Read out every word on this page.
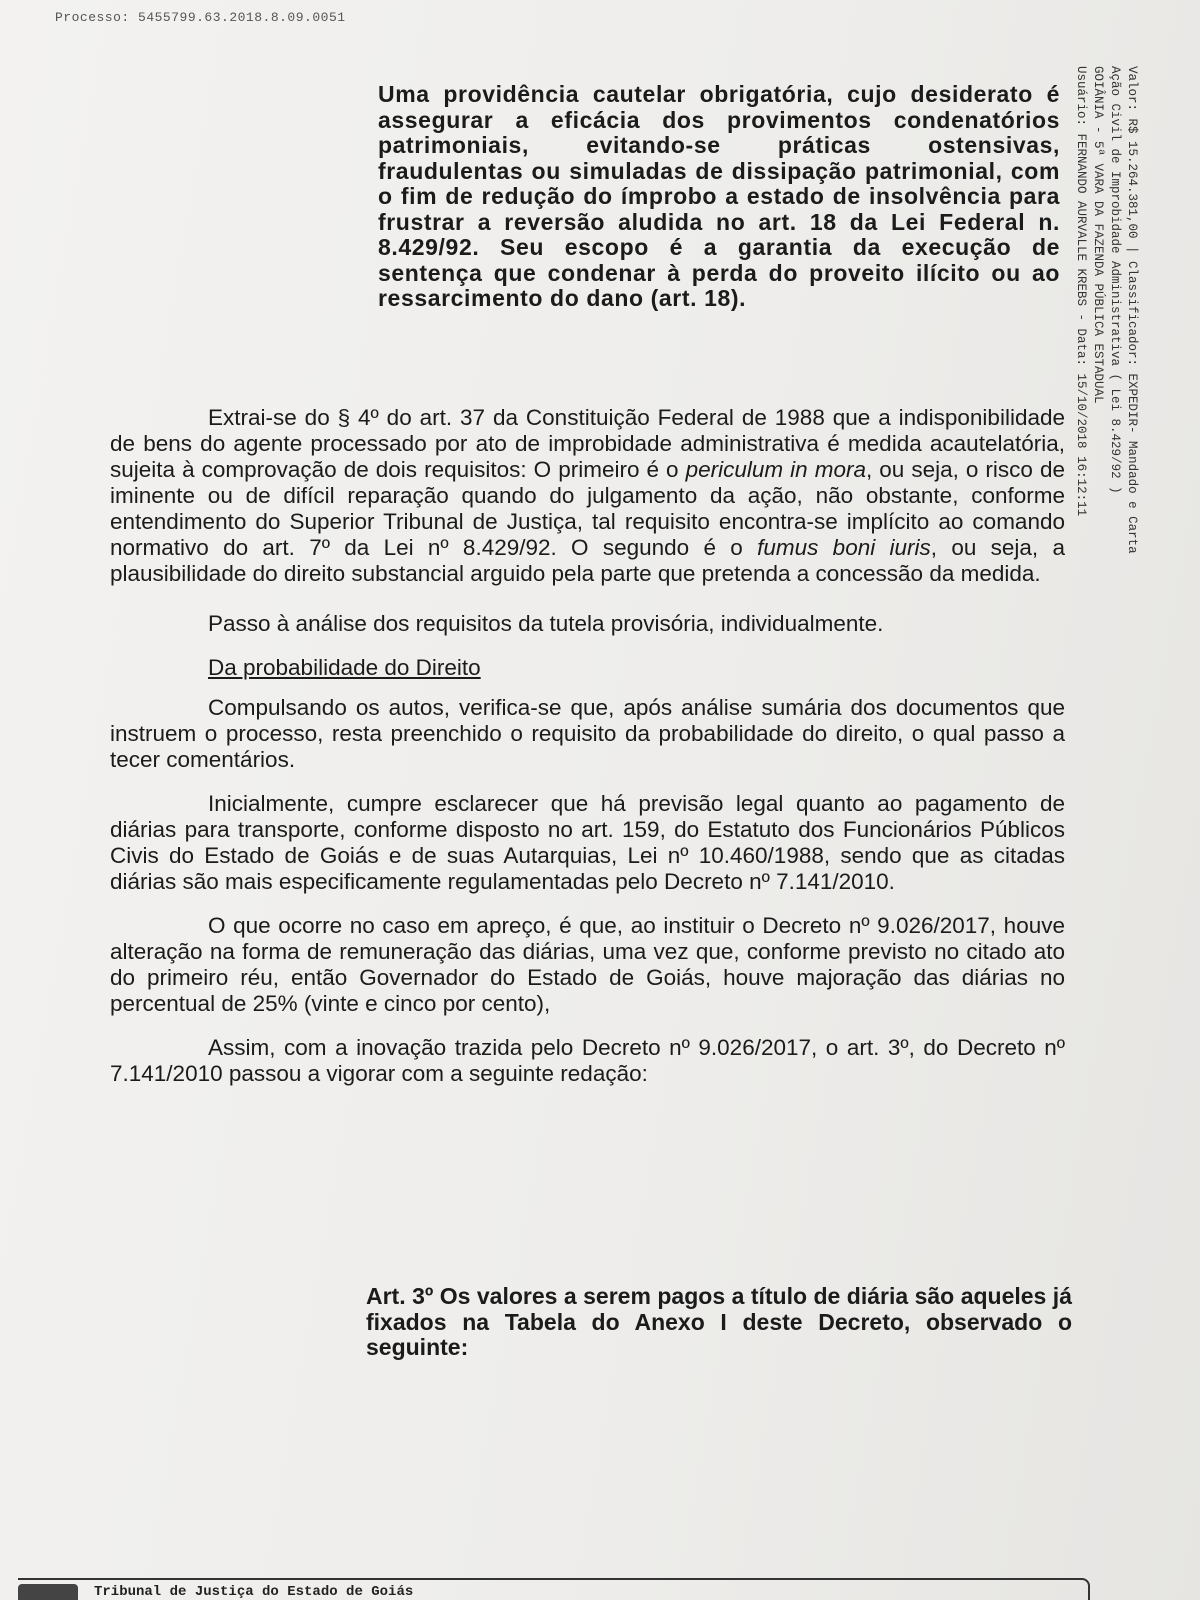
Processo: 5455799.63.2018.8.09.0051
Valor: R$ 15.264.381,00 | Classificador: EXPEDIR- Mandado e Carta
Ação Civil de Improbidade Administrativa ( Lei 8.429/92 )
GOIÂNIA - 5ª VARA DA FAZENDA PÚBLICA ESTADUAL
Usuário: FERNANDO AURVALLE KREBS - Data: 15/10/2018 16:12:11
Uma providência cautelar obrigatória, cujo desiderato é assegurar a eficácia dos provimentos condenatórios patrimoniais, evitando-se práticas ostensivas, fraudulentas ou simuladas de dissipação patrimonial, com o fim de redução do ímprobo a estado de insolvência para frustrar a reversão aludida no art. 18 da Lei Federal n. 8.429/92. Seu escopo é a garantia da execução de sentença que condenar à perda do proveito ilícito ou ao ressarcimento do dano (art. 18).

Extrai-se do § 4º do art. 37 da Constituição Federal de 1988 que a indisponibilidade de bens do agente processado por ato de improbidade administrativa é medida acautelatória, sujeita à comprovação de dois requisitos: O primeiro é o periculum in mora, ou seja, o risco de iminente ou de difícil reparação quando do julgamento da ação, não obstante, conforme entendimento do Superior Tribunal de Justiça, tal requisito encontra-se implícito ao comando normativo do art. 7º da Lei nº 8.429/92. O segundo é o fumus boni iuris, ou seja, a plausibilidade do direito substancial arguido pela parte que pretenda a concessão da medida.

Passo à análise dos requisitos da tutela provisória, individualmente.

Da probabilidade do Direito

Compulsando os autos, verifica-se que, após análise sumária dos documentos que instruem o processo, resta preenchido o requisito da probabilidade do direito, o qual passo a tecer comentários.

Inicialmente, cumpre esclarecer que há previsão legal quanto ao pagamento de diárias para transporte, conforme disposto no art. 159, do Estatuto dos Funcionários Públicos Civis do Estado de Goiás e de suas Autarquias, Lei nº 10.460/1988, sendo que as citadas diárias são mais especificamente regulamentadas pelo Decreto nº 7.141/2010.

O que ocorre no caso em apreço, é que, ao instituir o Decreto nº 9.026/2017, houve alteração na forma de remuneração das diárias, uma vez que, conforme previsto no citado ato do primeiro réu, então Governador do Estado de Goiás, houve majoração das diárias no percentual de 25% (vinte e cinco por cento),

Assim, com a inovação trazida pelo Decreto nº 9.026/2017, o art. 3º, do Decreto nº 7.141/2010 passou a vigorar com a seguinte redação:

Art. 3º Os valores a serem pagos a título de diária são aqueles já fixados na Tabela do Anexo I deste Decreto, observado o seguinte:
Tribunal de Justiça do Estado de Goiás
